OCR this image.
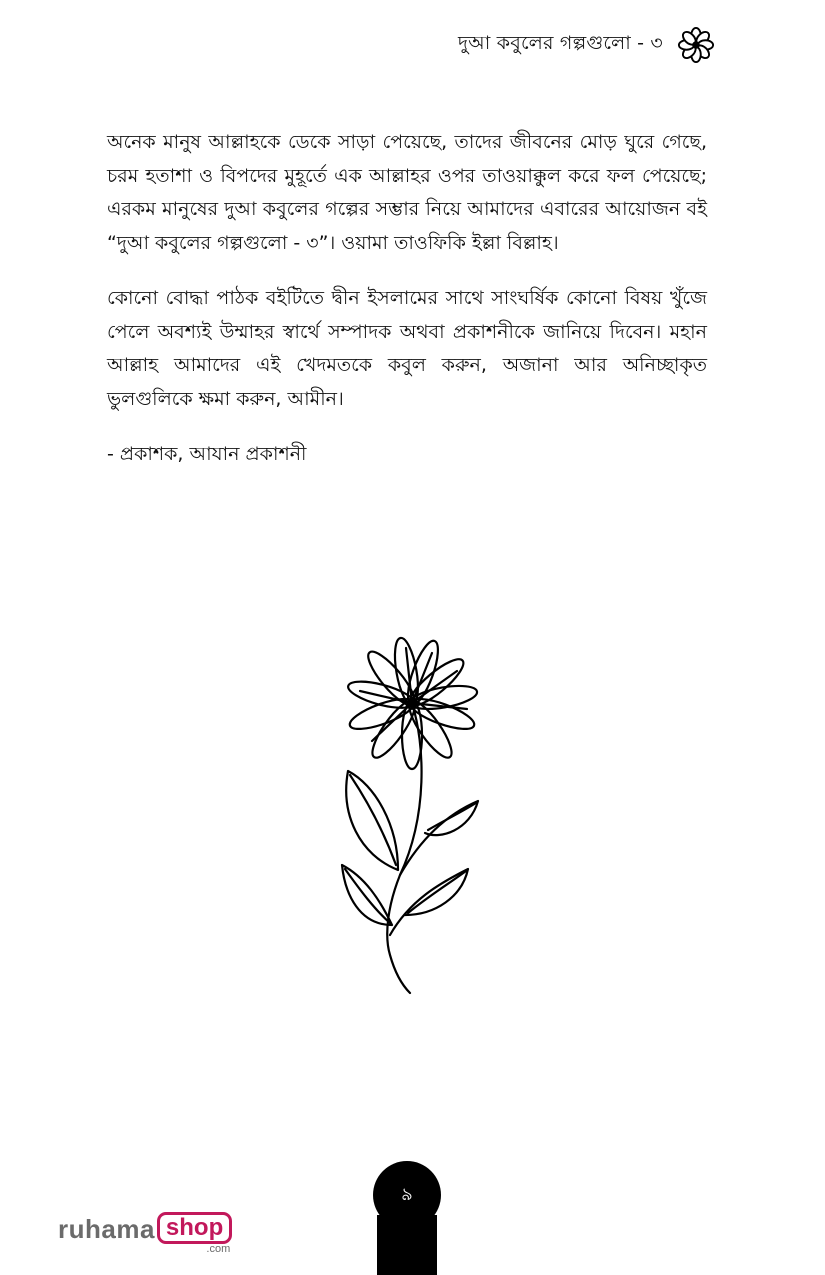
দুআ কবুলের গল্পগুলো - ৩

অনেক মানুষ আল্লাহকে ডেকে সাড়া পেয়েছে, তাদের জীবনের মোড় ঘুরে গেছে, চরম হতাশা ও বিপদের মুহূর্তে এক আল্লাহর ওপর তাওয়াক্কুল করে ফল পেয়েছে; এরকম মানুষের দুআ কবুলের গল্পের সম্ভার নিয়ে আমাদের এবারের আয়োজন বই “দুআ কবুলের গল্পগুলো - ৩”। ওয়ামা তাওফিকি ইল্লা বিল্লাহ।

কোনো বোদ্ধা পাঠক বইটিতে দ্বীন ইসলামের সাথে সাংঘর্ষিক কোনো বিষয় খুঁজে পেলে অবশ্যই উম্মাহর স্বার্থে সম্পাদক অথবা প্রকাশনীকে জানিয়ে দিবেন। মহান আল্লাহ আমাদের এই খেদমতকে কবুল করুন, অজানা আর অনিচ্ছাকৃত ভুলগুলিকে ক্ষমা করুন, আমীন।

- প্রকাশক, আযান প্রকাশনী
৯
ruhama shop
.com
